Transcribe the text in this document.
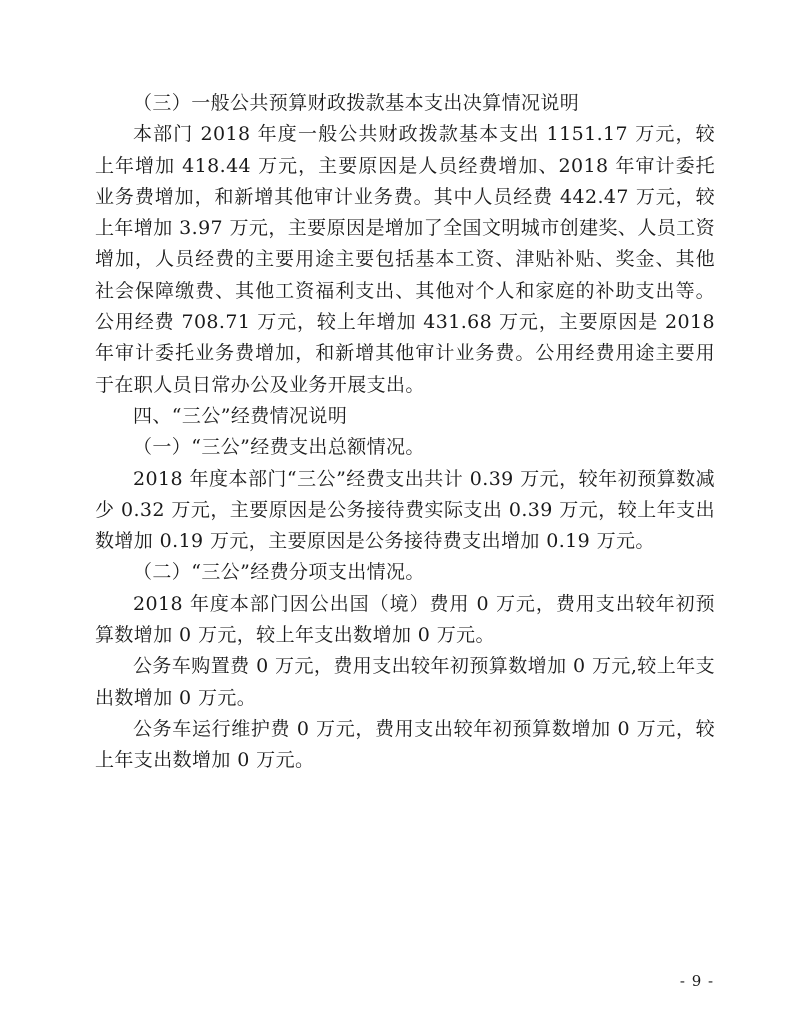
（三）一般公共预算财政拨款基本支出决算情况说明

本部门 2018 年度一般公共财政拨款基本支出 1151.17 万元，较上年增加 418.44 万元，主要原因是人员经费增加、2018 年审计委托业务费增加，和新增其他审计业务费。其中人员经费 442.47 万元，较上年增加 3.97 万元，主要原因是增加了全国文明城市创建奖、人员工资增加，人员经费的主要用途主要包括基本工资、津贴补贴、奖金、其他社会保障缴费、其他工资福利支出、其他对个人和家庭的补助支出等。公用经费 708.71 万元，较上年增加 431.68 万元，主要原因是 2018 年审计委托业务费增加，和新增其他审计业务费。公用经费用途主要用于在职人员日常办公及业务开展支出。

四、“三公”经费情况说明

（一）“三公”经费支出总额情况。

2018 年度本部门“三公”经费支出共计 0.39 万元，较年初预算数减少 0.32 万元，主要原因是公务接待费实际支出 0.39 万元，较上年支出数增加 0.19 万元，主要原因是公务接待费支出增加 0.19 万元。

（二）“三公”经费分项支出情况。

2018 年度本部门因公出国（境）费用 0 万元，费用支出较年初预算数增加 0 万元，较上年支出数增加 0 万元。

公务车购置费 0 万元，费用支出较年初预算数增加 0 万元,较上年支出数增加 0 万元。

公务车运行维护费 0 万元，费用支出较年初预算数增加 0 万元，较上年支出数增加 0 万元。

- 9 -
